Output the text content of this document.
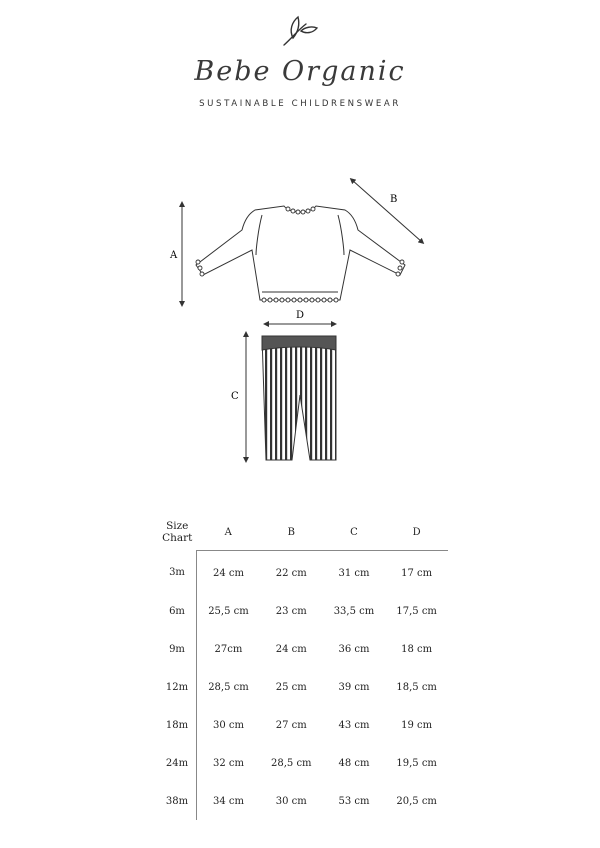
Bebe Organic
SUSTAINABLE CHILDRENSWEAR
A
B
D
C
Size
Chart	A	B	C	D
3m	24 cm	22 cm	31 cm	17 cm
6m	25,5 cm	23 cm	33,5 cm	17,5 cm
9m	27cm	24 cm	36 cm	18 cm
12m	28,5 cm	25 cm	39 cm	18,5 cm
18m	30 cm	27 cm	43 cm	19 cm
24m	32 cm	28,5 cm	48 cm	19,5 cm
38m	34 cm	30 cm	53 cm	20,5 cm
